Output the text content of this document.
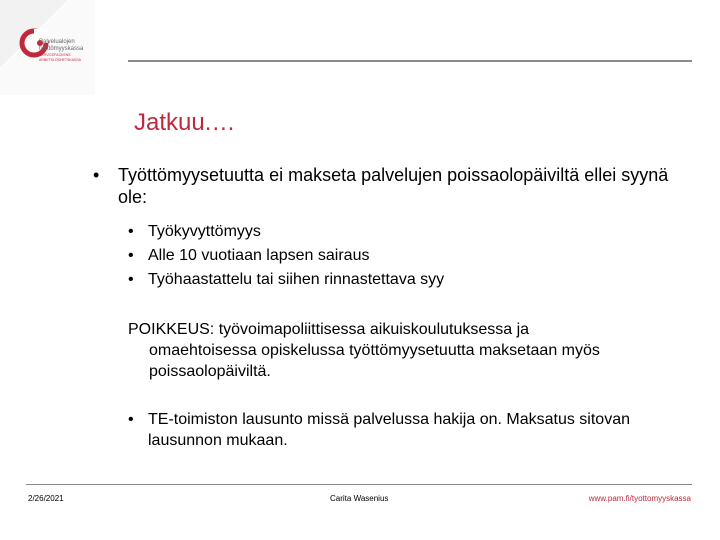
Palvelualojen
työttömyyskassa
SERVICEFACKENS ARBETSLÖSHETSKASSA
Jatkuu.…
• Työttömyysetuutta ei makseta palvelujen poissaolopäiviltä ellei syynä ole:
• Työkyvyttömyys
• Alle 10 vuotiaan lapsen sairaus
• Työhaastattelu tai siihen rinnastettava syy
POIKKEUS: työvoimapoliittisessa aikuiskoulutuksessa ja
omaehtoisessa opiskelussa työttömyysetuutta maksetaan myös poissaolopäiviltä.
• TE-toimiston lausunto missä palvelussa hakija on. Maksatus sitovan lausunnon mukaan.
2/26/2021	Carita Wasenius	www.pam.fi/tyottomyyskassa
